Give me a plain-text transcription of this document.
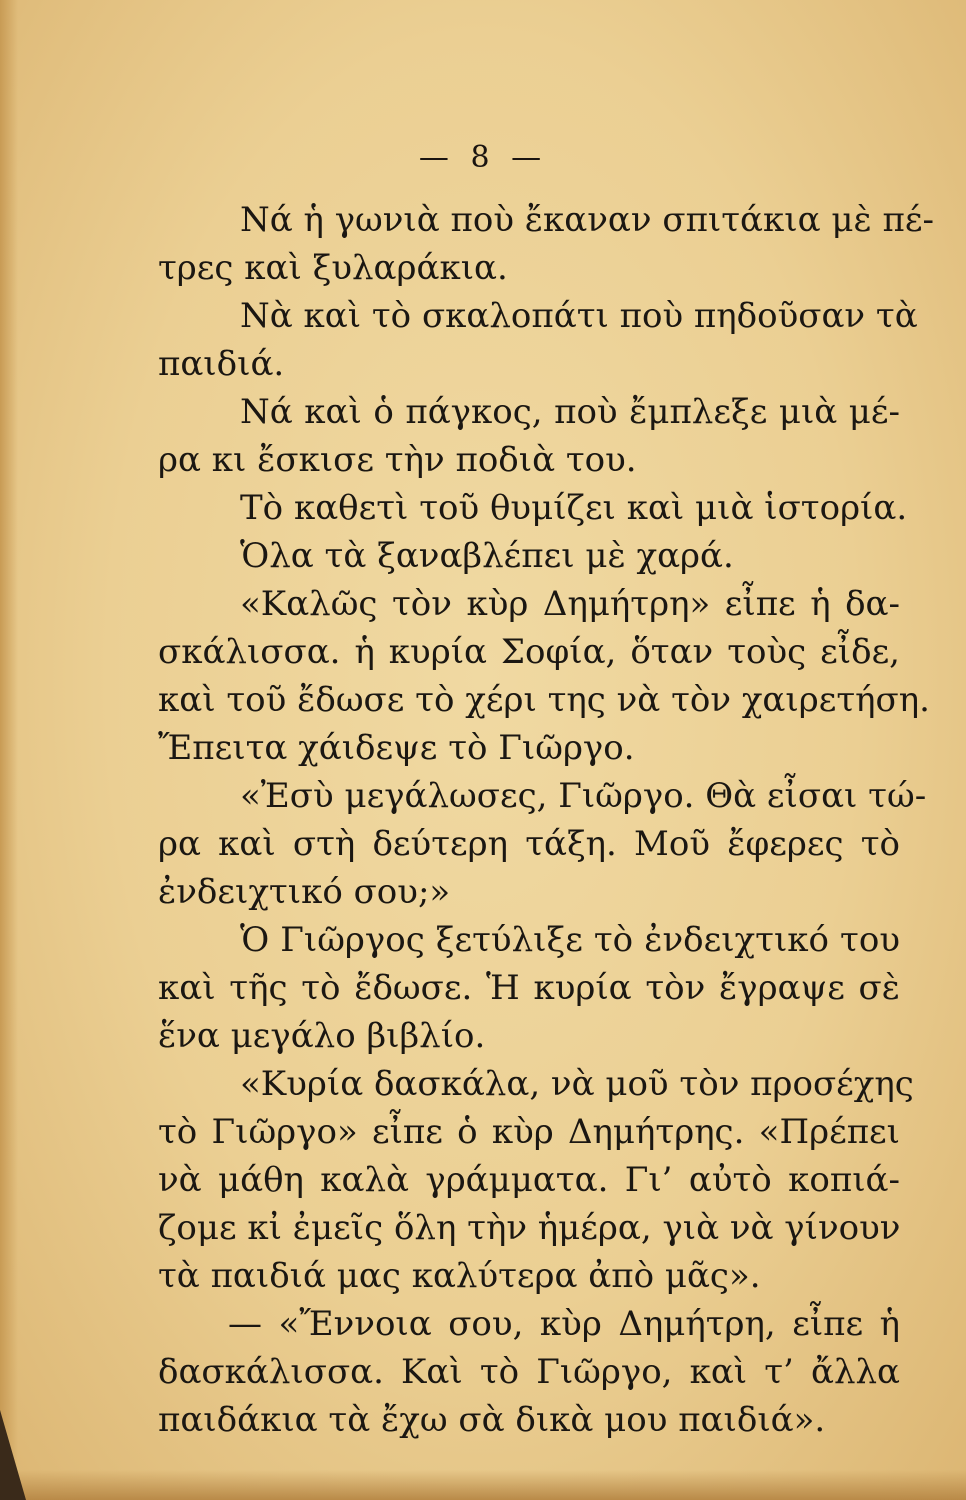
— 8 —
Νά ἡ γωνιὰ ποὺ ἔκαναν σπιτάκια μὲ πέ-
τρες καὶ ξυλαράκια.
Νὰ καὶ τὸ σκαλοπάτι ποὺ πηδοῦσαν τὰ
παιδιά.
Νά καὶ ὁ πάγκος, ποὺ ἔμπλεξε μιὰ μέ-
ρα κι ἔσκισε τὴν ποδιὰ του.
Τὸ καθετὶ τοῦ θυμίζει καὶ μιὰ ἱστορία.
Ὁλα τὰ ξαναβλέπει μὲ χαρά.
«Καλῶς τὸν κὺρ Δημήτρη» εἶπε ἡ δα-
σκάλισσα. ἡ κυρία Σοφία, ὅταν τοὺς εἶδε,
καὶ τοῦ ἔδωσε τὸ χέρι της νὰ τὸν χαιρετήση.
Ἔπειτα χάιδεψε τὸ Γιῶργο.
«Ἐσὺ μεγάλωσες, Γιῶργο. Θὰ εἶσαι τώ-
ρα καὶ στὴ δεύτερη τάξη. Μοῦ ἔφερες τὸ
ἐνδειχτικό σου;»
Ὁ Γιῶργος ξετύλιξε τὸ ἐνδειχτικό του
καὶ τῆς τὸ ἔδωσε. Ἡ κυρία τὸν ἔγραψε σὲ
ἕνα μεγάλο βιβλίο.
«Κυρία δασκάλα, νὰ μοῦ τὸν προσέχης
τὸ Γιῶργο» εἶπε ὁ κὺρ Δημήτρης. «Πρέπει
νὰ μάθη καλὰ γράμματα. Γι’ αὐτὸ κοπιά-
ζομε κἰ ἐμεῖς ὅλη τὴν ἡμέρα, γιὰ νὰ γίνουν
τὰ παιδιά μας καλύτερα ἀπὸ μᾶς».
— «Ἔννοια σου, κὺρ Δημήτρη, εἶπε ἡ
δασκάλισσα. Καὶ τὸ Γιῶργο, καὶ τ’ ἄλλα
παιδάκια τὰ ἔχω σὰ δικὰ μου παιδιά».
